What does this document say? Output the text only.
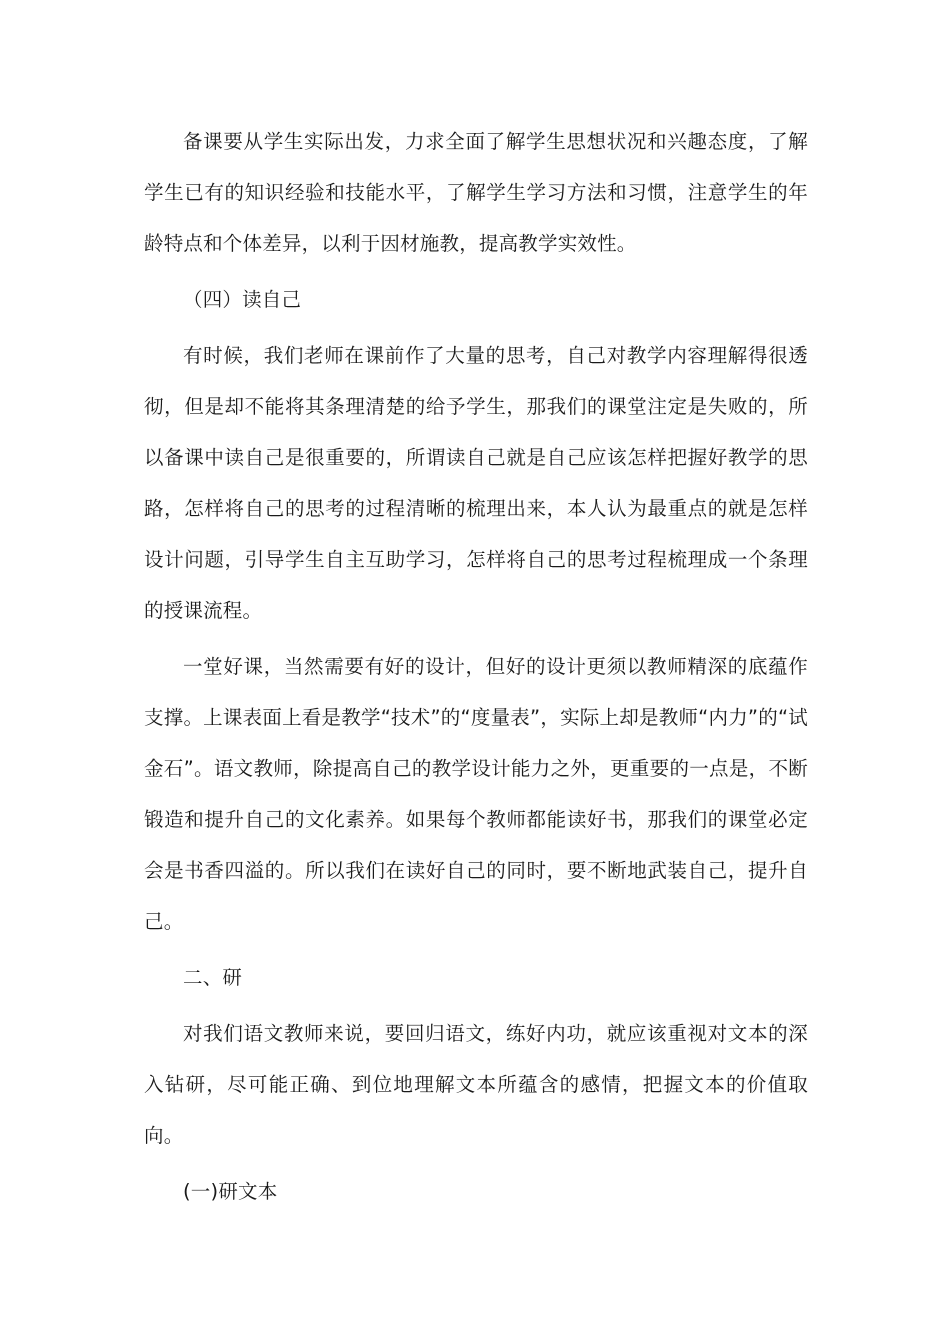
备课要从学生实际出发，力求全面了解学生思想状况和兴趣态度，了解学生已有的知识经验和技能水平，了解学生学习方法和习惯，注意学生的年龄特点和个体差异，以利于因材施教，提高教学实效性。

（四）读自己

有时候，我们老师在课前作了大量的思考，自己对教学内容理解得很透彻，但是却不能将其条理清楚的给予学生，那我们的课堂注定是失败的，所以备课中读自己是很重要的，所谓读自己就是自己应该怎样把握好教学的思路，怎样将自己的思考的过程清晰的梳理出来，本人认为最重点的就是怎样设计问题，引导学生自主互助学习，怎样将自己的思考过程梳理成一个条理的授课流程。

一堂好课，当然需要有好的设计，但好的设计更须以教师精深的底蕴作支撑。上课表面上看是教学“技术”的“度量表”，实际上却是教师“内力”的“试金石”。语文教师，除提高自己的教学设计能力之外，更重要的一点是，不断锻造和提升自己的文化素养。如果每个教师都能读好书，那我们的课堂必定会是书香四溢的。所以我们在读好自己的同时，要不断地武装自己，提升自己。

二、研

对我们语文教师来说，要回归语文，练好内功，就应该重视对文本的深入钻研，尽可能正确、到位地理解文本所蕴含的感情，把握文本的价值取向。

(一)研文本
